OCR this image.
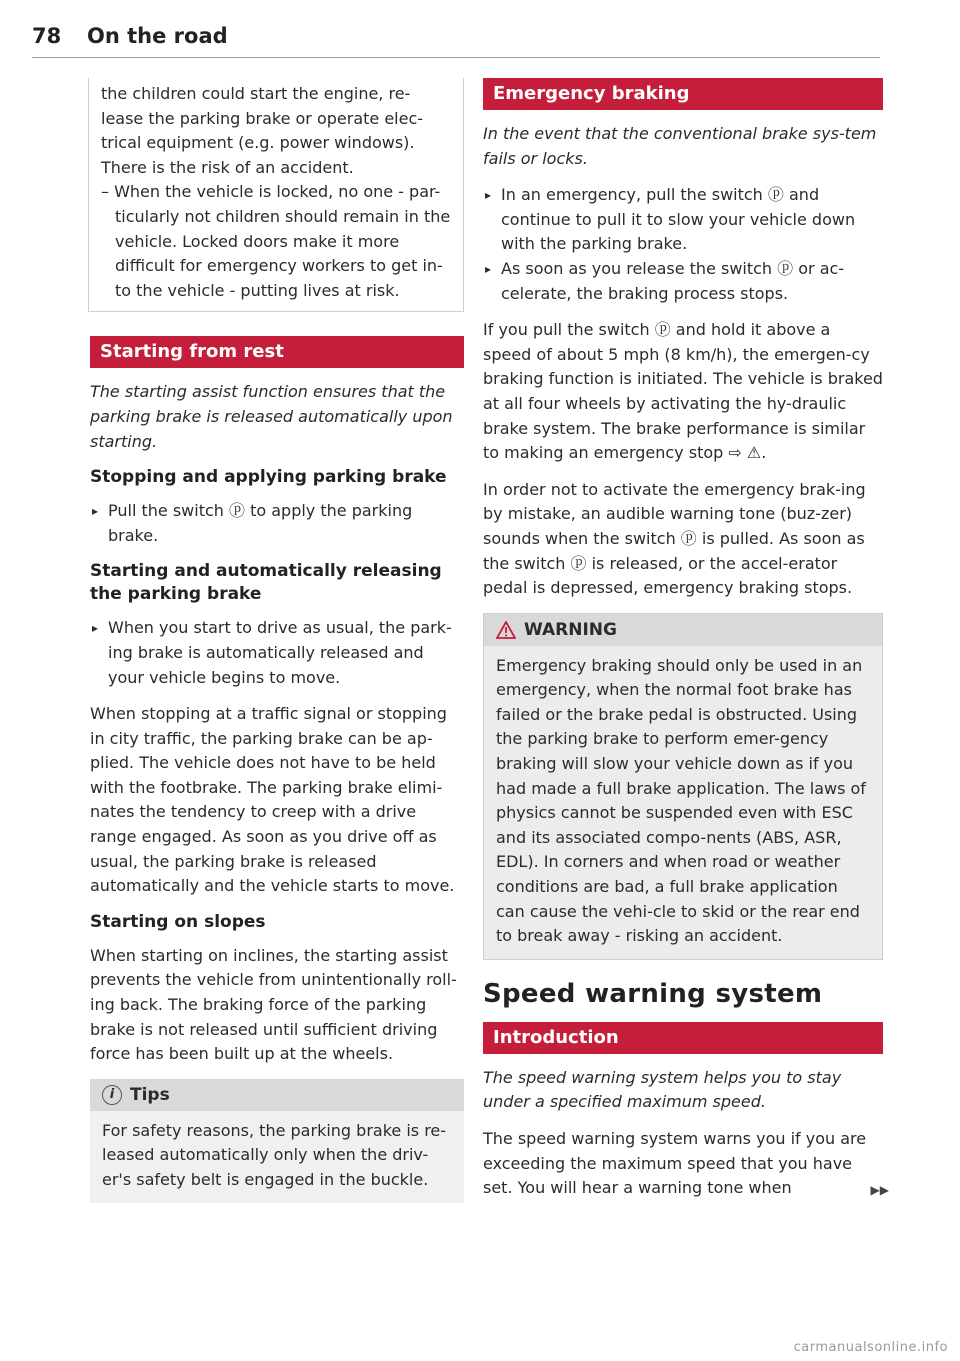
78 On the road

the children could start the engine, re-lease the parking brake or operate elec-trical equipment (e.g. power windows). There is the risk of an accident.

– When the vehicle is locked, no one - par-ticularly not children should remain in the vehicle. Locked doors make it more difficult for emergency workers to get in-to the vehicle - putting lives at risk.

Starting from rest

The starting assist function ensures that the parking brake is released automatically upon starting.

Stopping and applying parking brake

▸ Pull the switch ⓟ to apply the parking brake.

Starting and automatically releasing the parking brake

▸ When you start to drive as usual, the park-ing brake is automatically released and your vehicle begins to move.

When stopping at a traffic signal or stopping in city traffic, the parking brake can be ap-plied. The vehicle does not have to be held with the footbrake. The parking brake elimi-nates the tendency to creep with a drive range engaged. As soon as you drive off as usual, the parking brake is released automatically and the vehicle starts to move.

Starting on slopes

When starting on inclines, the starting assist prevents the vehicle from unintentionally roll-ing back. The braking force of the parking brake is not released until sufficient driving force has been built up at the wheels.

i Tips

For safety reasons, the parking brake is re-leased automatically only when the driv-er's safety belt is engaged in the buckle.

Emergency braking

In the event that the conventional brake sys-tem fails or locks.

▸ In an emergency, pull the switch ⓟ and continue to pull it to slow your vehicle down with the parking brake.

▸ As soon as you release the switch ⓟ or ac-celerate, the braking process stops.

If you pull the switch ⓟ and hold it above a speed of about 5 mph (8 km/h), the emergen-cy braking function is initiated. The vehicle is braked at all four wheels by activating the hy-draulic brake system. The brake performance is similar to making an emergency stop ⇨ ⚠.

In order not to activate the emergency brak-ing by mistake, an audible warning tone (buz-zer) sounds when the switch ⓟ is pulled. As soon as the switch ⓟ is released, or the accel-erator pedal is depressed, emergency braking stops.

WARNING

Emergency braking should only be used in an emergency, when the normal foot brake has failed or the brake pedal is obstructed. Using the parking brake to perform emer-gency braking will slow your vehicle down as if you had made a full brake application. The laws of physics cannot be suspended even with ESC and its associated compo-nents (ABS, ASR, EDL). In corners and when road or weather conditions are bad, a full brake application can cause the vehi-cle to skid or the rear end to break away - risking an accident.

Speed warning system
Introduction

The speed warning system helps you to stay under a specified maximum speed.

The speed warning system warns you if you are exceeding the maximum speed that you have set. You will hear a warning tone when	▶▶
carmanualsonline.info
